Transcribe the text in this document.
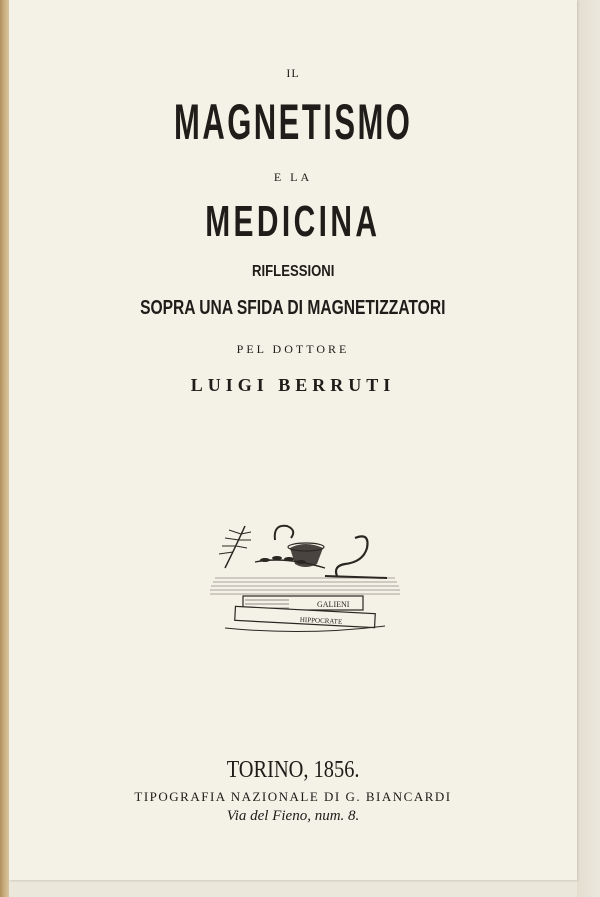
IL

MAGNETISMO

E LA

MEDICINA

RIFLESSIONI

SOPRA UNA SFIDA DI MAGNETIZZATORI

PEL DOTTORE

LUIGI BERRUTI

GALIENI
HIPPOCRATE

TORINO, 1856.

TIPOGRAFIA NAZIONALE DI G. BIANCARDI

Via del Fieno, num. 8.
